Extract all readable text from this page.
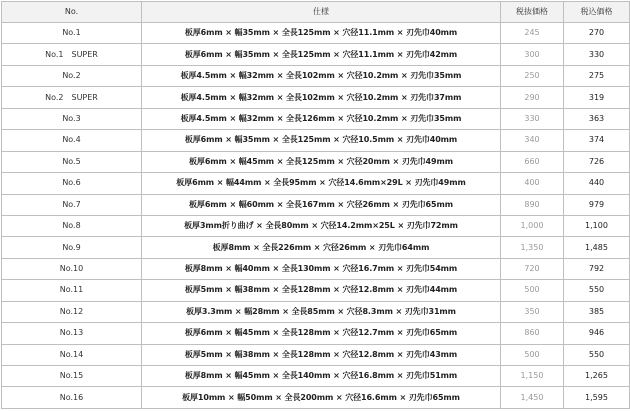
No.	仕様	税抜価格	税込価格
No.1	板厚6mm × 幅35mm × 全長125mm × 穴径11.1mm × 刃先巾40mm	245	270
No.1　SUPER	板厚6mm × 幅35mm × 全長125mm × 穴径11.1mm × 刃先巾42mm	300	330
No.2	板厚4.5mm × 幅32mm × 全長102mm × 穴径10.2mm × 刃先巾35mm	250	275
No.2　SUPER	板厚4.5mm × 幅32mm × 全長102mm × 穴径10.2mm × 刃先巾37mm	290	319
No.3	板厚4.5mm × 幅32mm × 全長126mm × 穴径10.2mm × 刃先巾35mm	330	363
No.4	板厚6mm × 幅35mm × 全長125mm × 穴径10.5mm × 刃先巾40mm	340	374
No.5	板厚6mm × 幅45mm × 全長125mm × 穴径20mm × 刃先巾49mm	660	726
No.6	板厚6mm × 幅44mm × 全長95mm × 穴径14.6mm×29L × 刃先巾49mm	400	440
No.7	板厚6mm × 幅60mm × 全長167mm × 穴径26mm × 刃先巾65mm	890	979
No.8	板厚3mm折り曲げ × 全長80mm × 穴径14.2mm×25L × 刃先巾72mm	1,000	1,100
No.9	板厚8mm × 全長226mm × 穴径26mm × 刃先巾64mm	1,350	1,485
No.10	板厚8mm × 幅40mm × 全長130mm × 穴径16.7mm × 刃先巾54mm	720	792
No.11	板厚5mm × 幅38mm × 全長128mm × 穴径12.8mm × 刃先巾44mm	500	550
No.12	板厚3.3mm × 幅28mm × 全長85mm × 穴径8.3mm × 刃先巾31mm	350	385
No.13	板厚6mm × 幅45mm × 全長128mm × 穴径12.7mm × 刃先巾65mm	860	946
No.14	板厚5mm × 幅38mm × 全長128mm × 穴径12.8mm × 刃先巾43mm	500	550
No.15	板厚8mm × 幅45mm × 全長140mm × 穴径16.8mm × 刃先巾51mm	1,150	1,265
No.16	板厚10mm × 幅50mm × 全長200mm × 穴径16.6mm × 刃先巾65mm	1,450	1,595
